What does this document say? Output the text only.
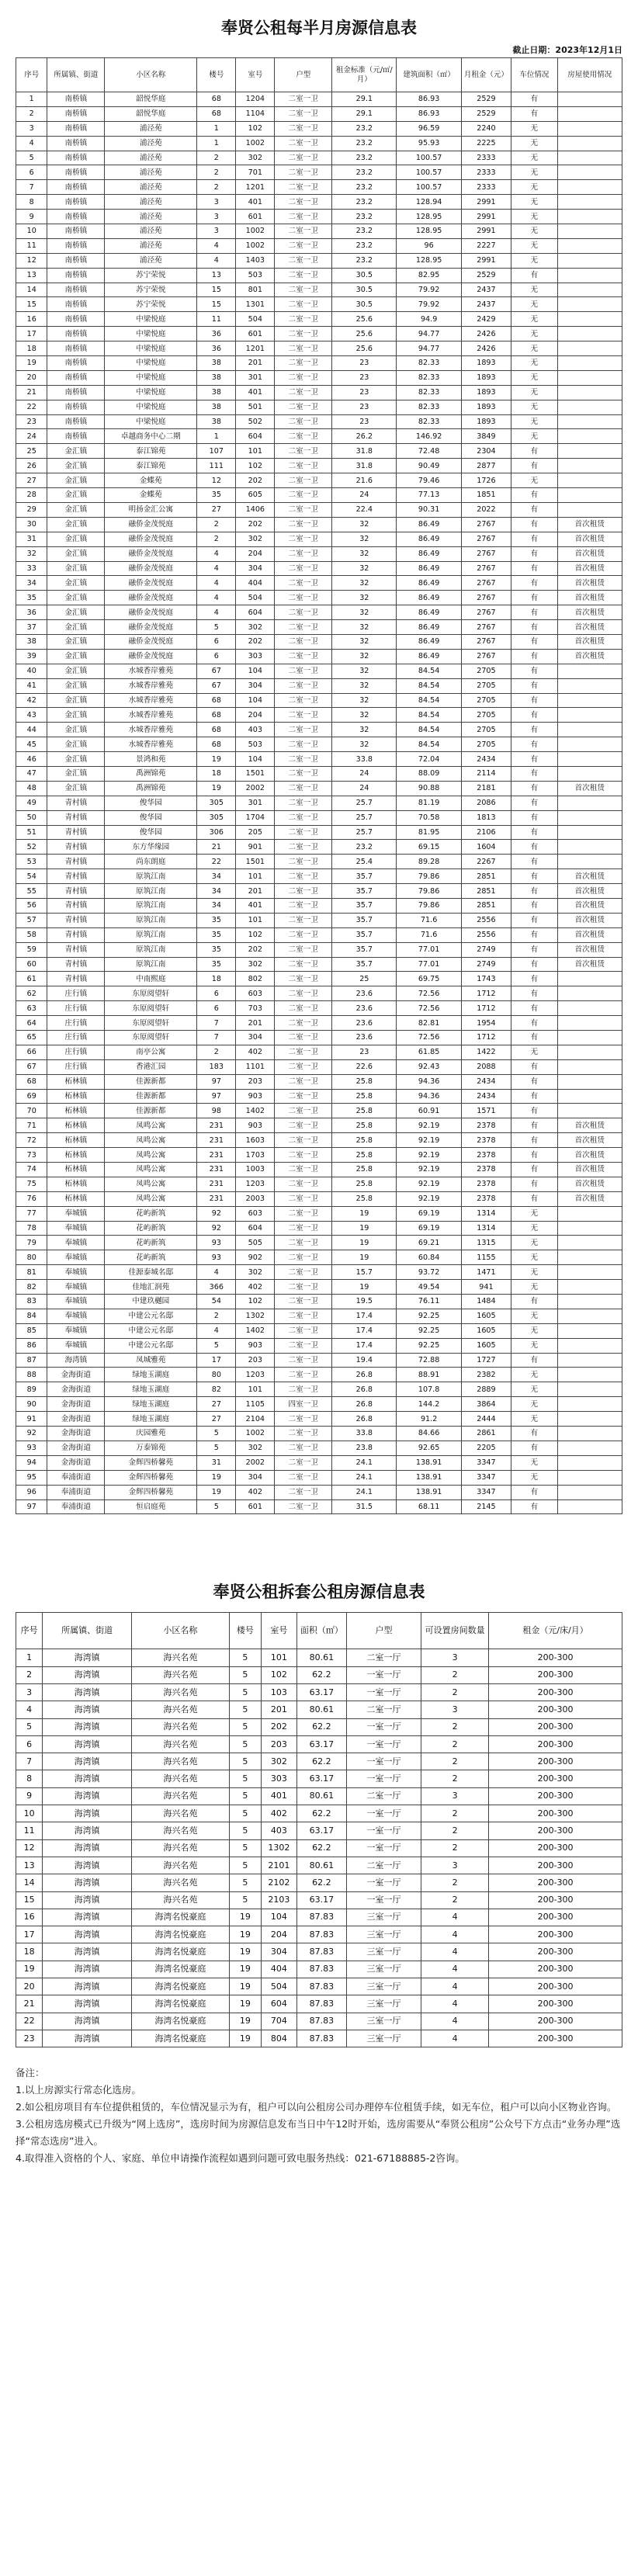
奉贤公租每半月房源信息表
截止日期：2023年12月1日
序号	所属镇、街道	小区名称	楼号	室号	户型	租金标准（元/㎡/月）	建筑面积（㎡）	月租金（元）	车位情况	房屋使用情况
1	南桥镇	韶悦华庭	68	1204	二室一卫	29.1	86.93	2529	有	
2	南桥镇	韶悦华庭	68	1104	二室一卫	29.1	86.93	2529	有	
3	南桥镇	浦泾苑	1	102	二室一卫	23.2	96.59	2240	无	
4	南桥镇	浦泾苑	1	1002	二室一卫	23.2	95.93	2225	无	
5	南桥镇	浦泾苑	2	302	二室一卫	23.2	100.57	2333	无	
6	南桥镇	浦泾苑	2	701	二室一卫	23.2	100.57	2333	无	
7	南桥镇	浦泾苑	2	1201	二室一卫	23.2	100.57	2333	无	
8	南桥镇	浦泾苑	3	401	二室一卫	23.2	128.94	2991	无	
9	南桥镇	浦泾苑	3	601	二室一卫	23.2	128.95	2991	无	
10	南桥镇	浦泾苑	3	1002	二室一卫	23.2	128.95	2991	无	
11	南桥镇	浦泾苑	4	1002	二室一卫	23.2	96	2227	无	
12	南桥镇	浦泾苑	4	1403	二室一卫	23.2	128.95	2991	无	
13	南桥镇	苏宁荣悦	13	503	二室一卫	30.5	82.95	2529	有	
14	南桥镇	苏宁荣悦	15	801	二室一卫	30.5	79.92	2437	无	
15	南桥镇	苏宁荣悦	15	1301	二室一卫	30.5	79.92	2437	无	
16	南桥镇	中梁悦庭	11	504	二室一卫	25.6	94.9	2429	无	
17	南桥镇	中梁悦庭	36	601	二室一卫	25.6	94.77	2426	无	
18	南桥镇	中梁悦庭	36	1201	二室一卫	25.6	94.77	2426	无	
19	南桥镇	中梁悦庭	38	201	二室一卫	23	82.33	1893	无	
20	南桥镇	中梁悦庭	38	301	二室一卫	23	82.33	1893	无	
21	南桥镇	中梁悦庭	38	401	二室一卫	23	82.33	1893	无	
22	南桥镇	中梁悦庭	38	501	二室一卫	23	82.33	1893	无	
23	南桥镇	中梁悦庭	38	502	二室一卫	23	82.33	1893	无	
24	南桥镇	卓越商务中心二期	1	604	二室一卫	26.2	146.92	3849	无	
25	金汇镇	泰江锦苑	107	101	二室一卫	31.8	72.48	2304	有	
26	金汇镇	泰江锦苑	111	102	二室一卫	31.8	90.49	2877	有	
27	金汇镇	金蝶苑	12	202	二室一卫	21.6	79.46	1726	无	
28	金汇镇	金蝶苑	35	605	二室一卫	24	77.13	1851	有	
29	金汇镇	明扬金汇公寓	27	1406	二室一卫	22.4	90.31	2022	有	
30	金汇镇	融侨金茂悦庭	2	202	二室一卫	32	86.49	2767	有	首次租赁
31	金汇镇	融侨金茂悦庭	2	302	二室一卫	32	86.49	2767	有	首次租赁
32	金汇镇	融侨金茂悦庭	4	204	二室一卫	32	86.49	2767	有	首次租赁
33	金汇镇	融侨金茂悦庭	4	304	二室一卫	32	86.49	2767	有	首次租赁
34	金汇镇	融侨金茂悦庭	4	404	二室一卫	32	86.49	2767	有	首次租赁
35	金汇镇	融侨金茂悦庭	4	504	二室一卫	32	86.49	2767	有	首次租赁
36	金汇镇	融侨金茂悦庭	4	604	二室一卫	32	86.49	2767	有	首次租赁
37	金汇镇	融侨金茂悦庭	5	302	二室一卫	32	86.49	2767	有	首次租赁
38	金汇镇	融侨金茂悦庭	6	202	二室一卫	32	86.49	2767	有	首次租赁
39	金汇镇	融侨金茂悦庭	6	303	二室一卫	32	86.49	2767	有	首次租赁
40	金汇镇	水城香岸雅苑	67	104	二室一卫	32	84.54	2705	有	
41	金汇镇	水城香岸雅苑	67	304	二室一卫	32	84.54	2705	有	
42	金汇镇	水城香岸雅苑	68	104	二室一卫	32	84.54	2705	有	
43	金汇镇	水城香岸雅苑	68	204	二室一卫	32	84.54	2705	有	
44	金汇镇	水城香岸雅苑	68	403	二室一卫	32	84.54	2705	有	
45	金汇镇	水城香岸雅苑	68	503	二室一卫	32	84.54	2705	有	
46	金汇镇	景鸿和苑	19	104	二室一卫	33.8	72.04	2434	有	
47	金汇镇	禹洲锦苑	18	1501	二室一卫	24	88.09	2114	有	
48	金汇镇	禹洲锦苑	19	2002	二室一卫	24	90.88	2181	有	首次租赁
49	青村镇	俊华园	305	301	二室一卫	25.7	81.19	2086	有	
50	青村镇	俊华园	305	1704	二室一卫	25.7	70.58	1813	有	
51	青村镇	俊华园	306	205	二室一卫	25.7	81.95	2106	有	
52	青村镇	东方华缘园	21	901	二室一卫	23.2	69.15	1604	有	
53	青村镇	尚东朗庭	22	1501	二室一卫	25.4	89.28	2267	有	
54	青村镇	原筑江南	34	101	二室一卫	35.7	79.86	2851	有	首次租赁
55	青村镇	原筑江南	34	201	二室一卫	35.7	79.86	2851	有	首次租赁
56	青村镇	原筑江南	34	401	二室一卫	35.7	79.86	2851	有	首次租赁
57	青村镇	原筑江南	35	101	二室一卫	35.7	71.6	2556	有	首次租赁
58	青村镇	原筑江南	35	102	二室一卫	35.7	71.6	2556	有	首次租赁
59	青村镇	原筑江南	35	202	二室一卫	35.7	77.01	2749	有	首次租赁
60	青村镇	原筑江南	35	302	二室一卫	35.7	77.01	2749	有	首次租赁
61	青村镇	中南熙庭	18	802	二室一卫	25	69.75	1743	有	
62	庄行镇	东原阅望轩	6	603	二室一卫	23.6	72.56	1712	有	
63	庄行镇	东原阅望轩	6	703	二室一卫	23.6	72.56	1712	有	
64	庄行镇	东原阅望轩	7	201	二室一卫	23.6	82.81	1954	有	
65	庄行镇	东原阅望轩	7	304	二室一卫	23.6	72.56	1712	有	
66	庄行镇	南亭公寓	2	402	二室一卫	23	61.85	1422	无	
67	庄行镇	香港汇园	183	1101	二室一卫	22.6	92.43	2088	有	
68	柘林镇	佳源新都	97	203	二室一卫	25.8	94.36	2434	有	
69	柘林镇	佳源新都	97	903	二室一卫	25.8	94.36	2434	有	
70	柘林镇	佳源新都	98	1402	二室一卫	25.8	60.91	1571	有	
71	柘林镇	凤鸣公寓	231	903	二室一卫	25.8	92.19	2378	有	首次租赁
72	柘林镇	凤鸣公寓	231	1603	二室一卫	25.8	92.19	2378	有	首次租赁
73	柘林镇	凤鸣公寓	231	1703	二室一卫	25.8	92.19	2378	有	首次租赁
74	柘林镇	凤鸣公寓	231	1003	二室一卫	25.8	92.19	2378	有	首次租赁
75	柘林镇	凤鸣公寓	231	1203	二室一卫	25.8	92.19	2378	有	首次租赁
76	柘林镇	凤鸣公寓	231	2003	二室一卫	25.8	92.19	2378	有	首次租赁
77	奉城镇	花屿新筑	92	603	二室一卫	19	69.19	1314	无	
78	奉城镇	花屿新筑	92	604	二室一卫	19	69.19	1314	无	
79	奉城镇	花屿新筑	93	505	二室一卫	19	69.21	1315	无	
80	奉城镇	花屿新筑	93	902	二室一卫	19	60.84	1155	无	
81	奉城镇	佳源泰城名邸	4	302	二室一卫	15.7	93.72	1471	无	
82	奉城镇	佳地汇润苑	366	402	二室一卫	19	49.54	941	无	
83	奉城镇	中建玖樾园	54	102	二室一卫	19.5	76.11	1484	有	
84	奉城镇	中建公元名邸	2	1302	二室一卫	17.4	92.25	1605	无	
85	奉城镇	中建公元名邸	4	1402	二室一卫	17.4	92.25	1605	无	
86	奉城镇	中建公元名邸	5	903	二室一卫	17.4	92.25	1605	无	
87	海湾镇	凤城雅苑	17	203	二室一卫	19.4	72.88	1727	有	
88	金海街道	绿地玉湖庭	80	1203	二室一卫	26.8	88.91	2382	无	
89	金海街道	绿地玉湖庭	82	101	二室一卫	26.8	107.8	2889	无	
90	金海街道	绿地玉湖庭	27	1105	四室一卫	26.8	144.2	3864	无	
91	金海街道	绿地玉湖庭	27	2104	二室一卫	26.8	91.2	2444	无	
92	金海街道	庆园雅苑	5	1002	二室一卫	33.8	84.66	2861	有	
93	金海街道	万泰锦苑	5	302	二室一卫	23.8	92.65	2205	有	
94	金海街道	金辉四桥馨苑	31	2002	二室一卫	24.1	138.91	3347	无	
95	奉浦街道	金辉四桥馨苑	19	304	二室一卫	24.1	138.91	3347	无	
96	奉浦街道	金辉四桥馨苑	19	402	二室一卫	24.1	138.91	3347	有	
97	奉浦街道	恒启庭苑	5	601	二室一卫	31.5	68.11	2145	有	
奉贤公租拆套公租房源信息表
序号	所属镇、街道	小区名称	楼号	室号	面积（㎡）	户型	可设置房间数量	租金（元/床/月）
1	海湾镇	海兴名苑	5	101	80.61	二室一厅	3	200-300
2	海湾镇	海兴名苑	5	102	62.2	一室一厅	2	200-300
3	海湾镇	海兴名苑	5	103	63.17	一室一厅	2	200-300
4	海湾镇	海兴名苑	5	201	80.61	二室一厅	3	200-300
5	海湾镇	海兴名苑	5	202	62.2	一室一厅	2	200-300
6	海湾镇	海兴名苑	5	203	63.17	一室一厅	2	200-300
7	海湾镇	海兴名苑	5	302	62.2	一室一厅	2	200-300
8	海湾镇	海兴名苑	5	303	63.17	一室一厅	2	200-300
9	海湾镇	海兴名苑	5	401	80.61	二室一厅	3	200-300
10	海湾镇	海兴名苑	5	402	62.2	一室一厅	2	200-300
11	海湾镇	海兴名苑	5	403	63.17	一室一厅	2	200-300
12	海湾镇	海兴名苑	5	1302	62.2	一室一厅	2	200-300
13	海湾镇	海兴名苑	5	2101	80.61	二室一厅	3	200-300
14	海湾镇	海兴名苑	5	2102	62.2	一室一厅	2	200-300
15	海湾镇	海兴名苑	5	2103	63.17	一室一厅	2	200-300
16	海湾镇	海湾名悦豪庭	19	104	87.83	三室一厅	4	200-300
17	海湾镇	海湾名悦豪庭	19	204	87.83	三室一厅	4	200-300
18	海湾镇	海湾名悦豪庭	19	304	87.83	三室一厅	4	200-300
19	海湾镇	海湾名悦豪庭	19	404	87.83	三室一厅	4	200-300
20	海湾镇	海湾名悦豪庭	19	504	87.83	三室一厅	4	200-300
21	海湾镇	海湾名悦豪庭	19	604	87.83	三室一厅	4	200-300
22	海湾镇	海湾名悦豪庭	19	704	87.83	三室一厅	4	200-300
23	海湾镇	海湾名悦豪庭	19	804	87.83	三室一厅	4	200-300

备注：

1.以上房源实行常态化选房。

2.如公租房项目有车位提供租赁的，车位情况显示为有，租户可以向公租房公司办理停车位租赁手续，如无车位，租户可以向小区物业咨询。

3.公租房选房模式已升级为“网上选房”，选房时间为房源信息发布当日中午12时开始，选房需要从“奉贤公租房”公众号下方点击“业务办理”选择“常态选房”进入。

4.取得准入资格的个人、家庭、单位申请操作流程如遇到问题可致电服务热线：021-67188885-2咨询。
